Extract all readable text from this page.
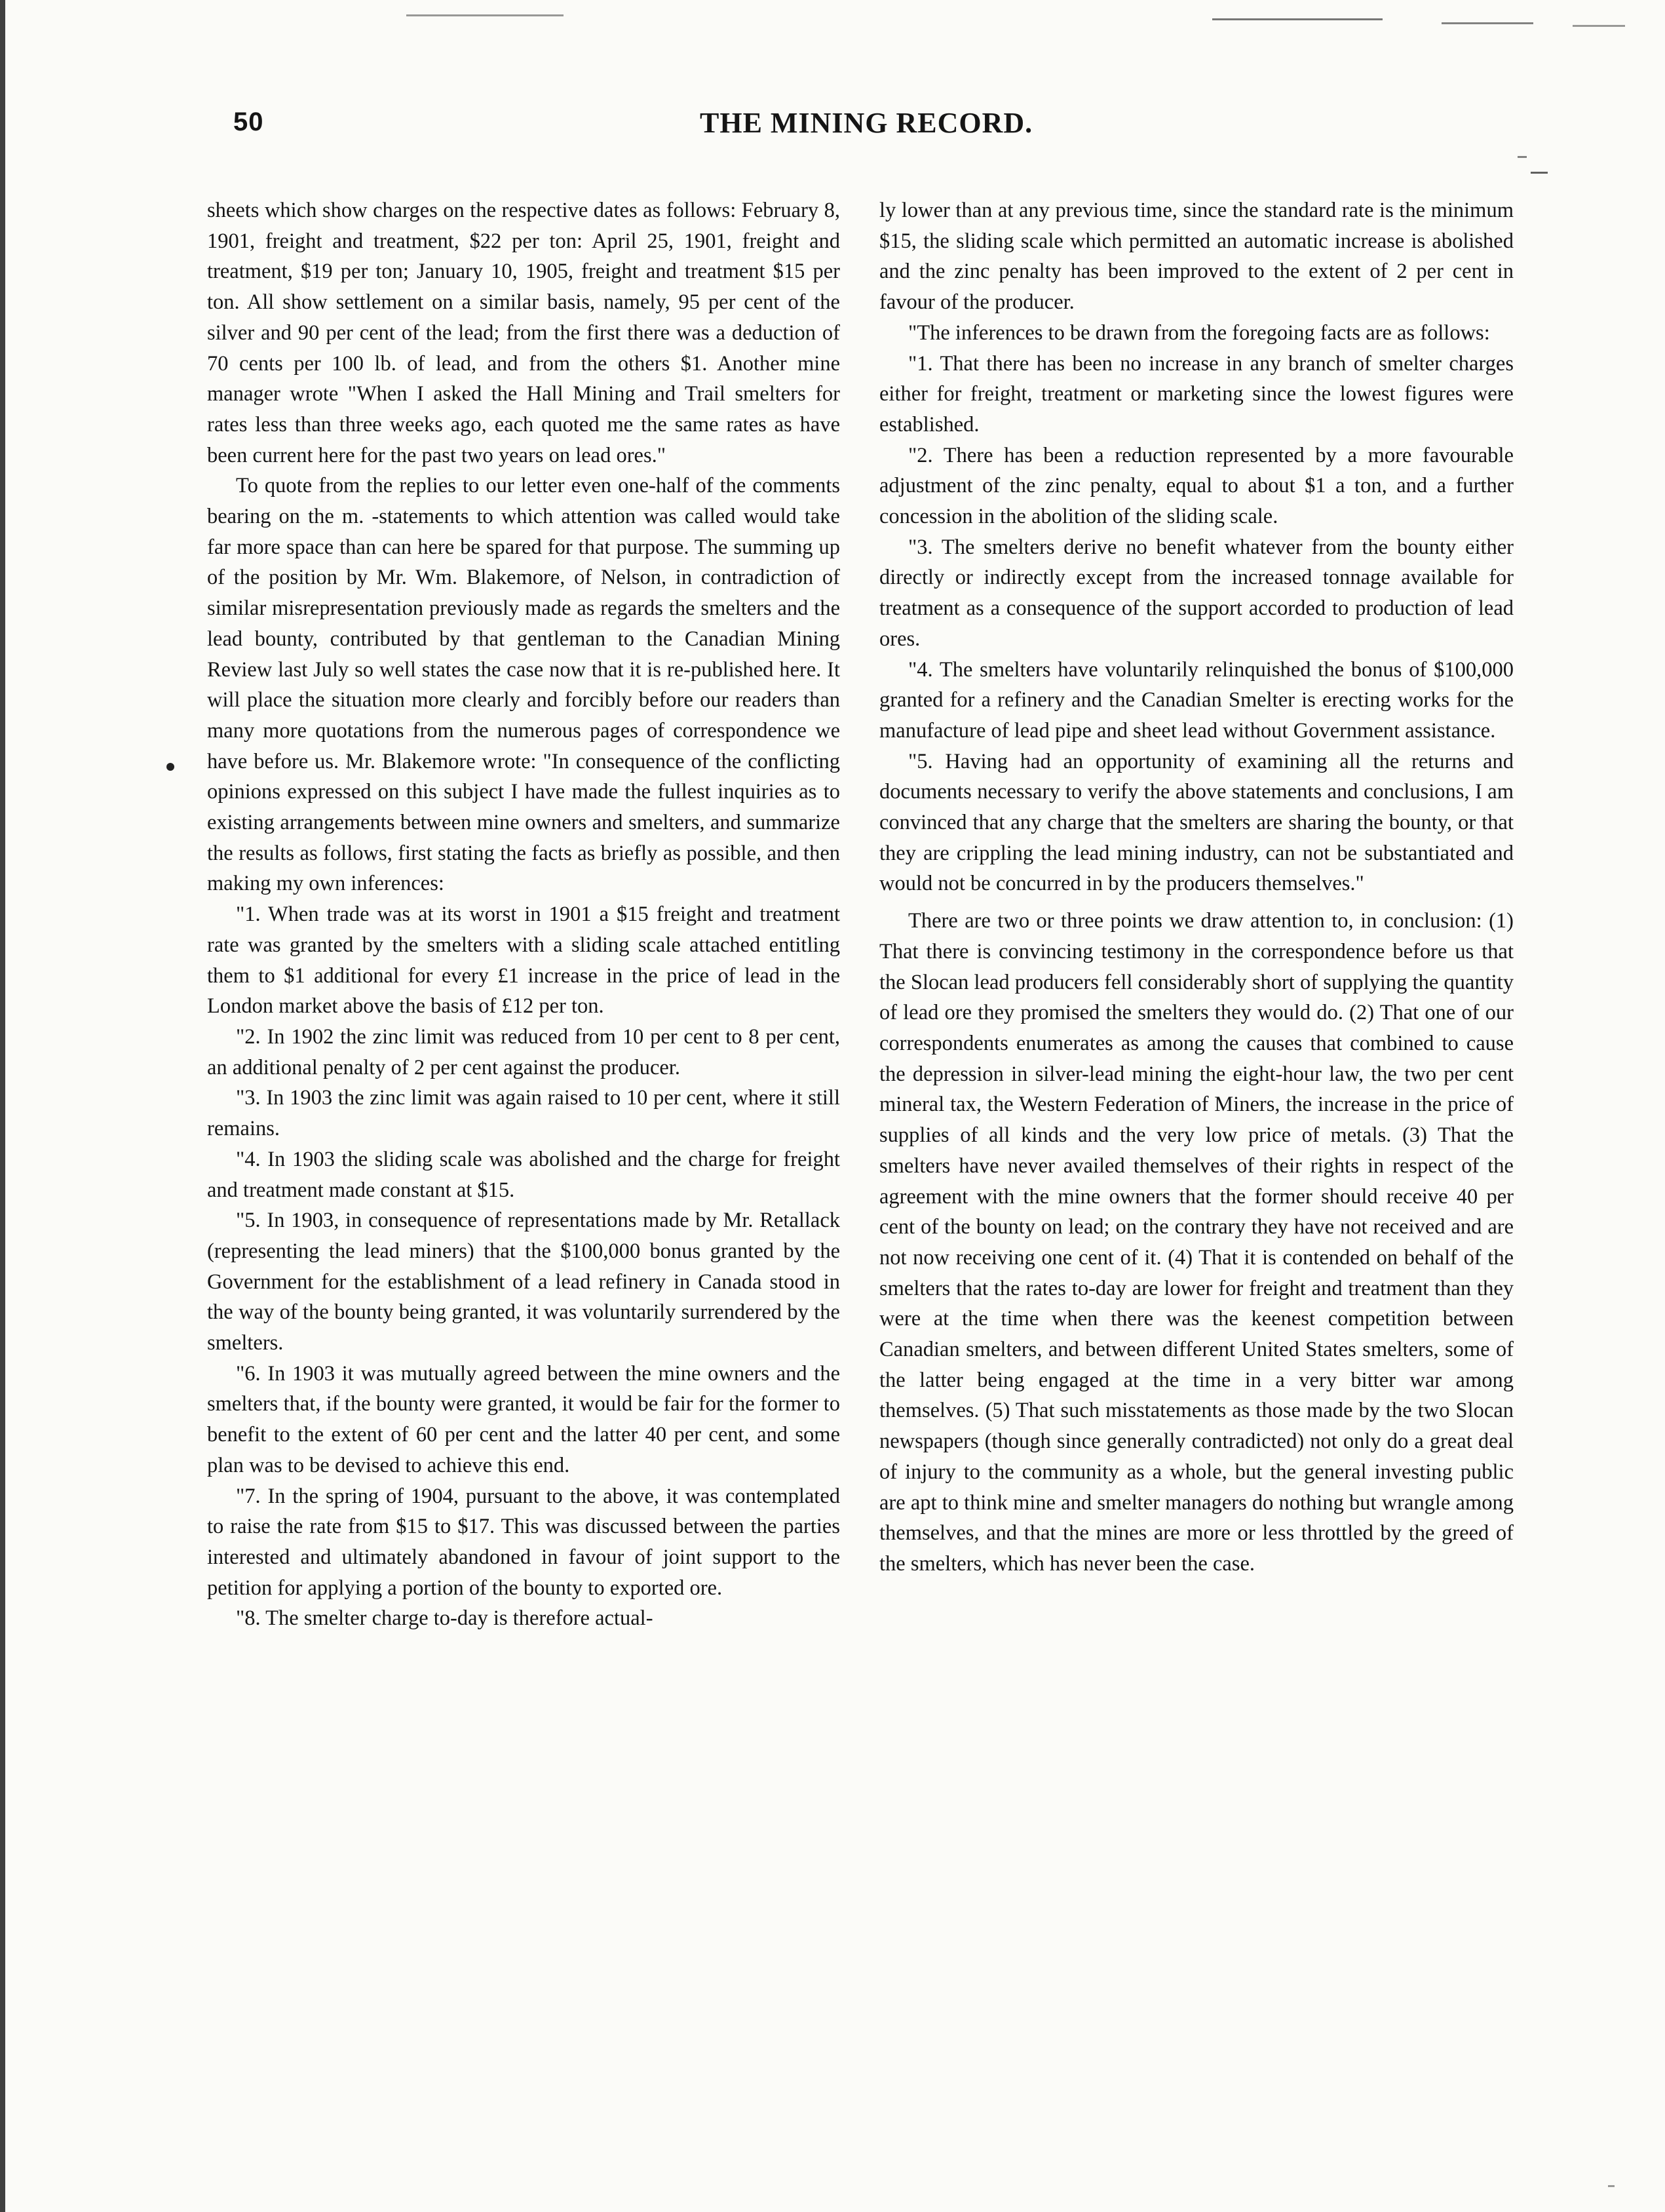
50	THE MINING RECORD.

sheets which show charges on the respective dates as follows: February 8, 1901, freight and treatment, $22 per ton: April 25, 1901, freight and treatment, $19 per ton; January 10, 1905, freight and treatment $15 per ton. All show settlement on a similar basis, namely, 95 per cent of the silver and 90 per cent of the lead; from the first there was a deduction of 70 cents per 100 lb. of lead, and from the others $1. Another mine manager wrote "When I asked the Hall Mining and Trail smelters for rates less than three weeks ago, each quoted me the same rates as have been current here for the past two years on lead ores."

To quote from the replies to our letter even one-half of the comments bearing on the m. -statements to which attention was called would take far more space than can here be spared for that purpose. The summing up of the position by Mr. Wm. Blakemore, of Nelson, in contradiction of similar misrepresentation previously made as regards the smelters and the lead bounty, contributed by that gentleman to the Canadian Mining Review last July so well states the case now that it is re-published here. It will place the situation more clearly and forcibly before our readers than many more quotations from the numerous pages of correspondence we have before us. Mr. Blakemore wrote: "In consequence of the conflicting opinions expressed on this subject I have made the fullest inquiries as to existing arrangements between mine owners and smelters, and summarize the results as follows, first stating the facts as briefly as possible, and then making my own inferences:

"1. When trade was at its worst in 1901 a $15 freight and treatment rate was granted by the smelters with a sliding scale attached entitling them to $1 additional for every £1 increase in the price of lead in the London market above the basis of £12 per ton.

"2. In 1902 the zinc limit was reduced from 10 per cent to 8 per cent, an additional penalty of 2 per cent against the producer.

"3. In 1903 the zinc limit was again raised to 10 per cent, where it still remains.

"4. In 1903 the sliding scale was abolished and the charge for freight and treatment made constant at $15.

"5. In 1903, in consequence of representations made by Mr. Retallack (representing the lead miners) that the $100,000 bonus granted by the Government for the establishment of a lead refinery in Canada stood in the way of the bounty being granted, it was voluntarily surrendered by the smelters.

"6. In 1903 it was mutually agreed between the mine owners and the smelters that, if the bounty were granted, it would be fair for the former to benefit to the extent of 60 per cent and the latter 40 per cent, and some plan was to be devised to achieve this end.

"7. In the spring of 1904, pursuant to the above, it was contemplated to raise the rate from $15 to $17. This was discussed between the parties interested and ultimately abandoned in favour of joint support to the petition for applying a portion of the bounty to exported ore.

"8. The smelter charge to-day is therefore actual-

ly lower than at any previous time, since the standard rate is the minimum $15, the sliding scale which permitted an automatic increase is abolished and the zinc penalty has been improved to the extent of 2 per cent in favour of the producer.

"The inferences to be drawn from the foregoing facts are as follows:

"1. That there has been no increase in any branch of smelter charges either for freight, treatment or marketing since the lowest figures were established.

"2. There has been a reduction represented by a more favourable adjustment of the zinc penalty, equal to about $1 a ton, and a further concession in the abolition of the sliding scale.

"3. The smelters derive no benefit whatever from the bounty either directly or indirectly except from the increased tonnage available for treatment as a consequence of the support accorded to production of lead ores.

"4. The smelters have voluntarily relinquished the bonus of $100,000 granted for a refinery and the Canadian Smelter is erecting works for the manufacture of lead pipe and sheet lead without Government assistance.

"5. Having had an opportunity of examining all the returns and documents necessary to verify the above statements and conclusions, I am convinced that any charge that the smelters are sharing the bounty, or that they are crippling the lead mining industry, can not be substantiated and would not be concurred in by the producers themselves."

There are two or three points we draw attention to, in conclusion: (1) That there is convincing testimony in the correspondence before us that the Slocan lead producers fell considerably short of supplying the quantity of lead ore they promised the smelters they would do. (2) That one of our correspondents enumerates as among the causes that combined to cause the depression in silver-lead mining the eight-hour law, the two per cent mineral tax, the Western Federation of Miners, the increase in the price of supplies of all kinds and the very low price of metals. (3) That the smelters have never availed themselves of their rights in respect of the agreement with the mine owners that the former should receive 40 per cent of the bounty on lead; on the contrary they have not received and are not now receiving one cent of it. (4) That it is contended on behalf of the smelters that the rates to-day are lower for freight and treatment than they were at the time when there was the keenest competition between Canadian smelters, and between different United States smelters, some of the latter being engaged at the time in a very bitter war among themselves. (5) That such misstatements as those made by the two Slocan newspapers (though since generally contradicted) not only do a great deal of injury to the community as a whole, but the general investing public are apt to think mine and smelter managers do nothing but wrangle among themselves, and that the mines are more or less throttled by the greed of the smelters, which has never been the case.
